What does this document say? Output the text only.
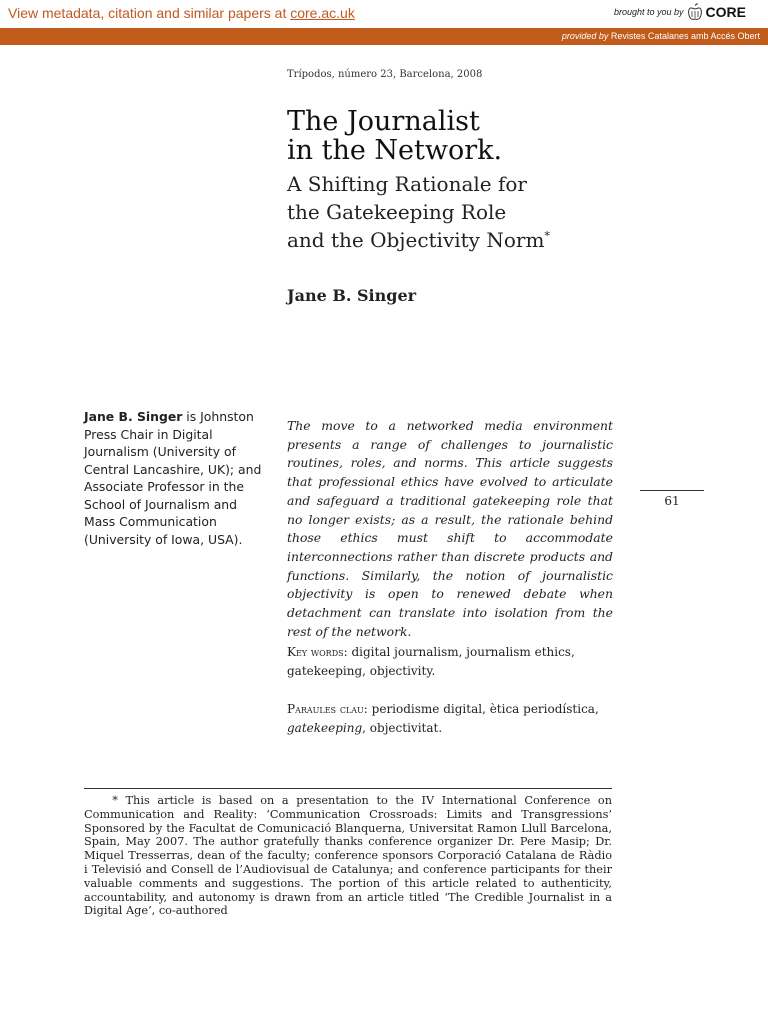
View metadata, citation and similar papers at core.ac.uk	brought to you by CORE
provided by Revistes Catalanes amb Accés Obert
Trípodos, número 23, Barcelona, 2008
The Journalist
in the Network.
A Shifting Rationale for
the Gatekeeping Role
and the Objectivity Norm*
Jane B. Singer
Jane B. Singer is Johnston Press Chair in Digital Journalism (University of Central Lancashire, UK); and Associate Professor in the School of Journalism and Mass Communication (University of Iowa, USA).
The move to a networked media environment presents a range of challenges to journalistic routines, roles, and norms. This article suggests that professional ethics have evolved to articulate and safeguard a traditional gatekeeping role that no longer exists; as a result, the rationale behind those ethics must shift to accommodate interconnections rather than discrete products and functions. Similarly, the notion of journalistic objectivity is open to renewed debate when detachment can translate into isolation from the rest of the network.
61
Key words: digital journalism, journalism ethics, gatekeeping, objectivity.
Paraules clau: periodisme digital, ètica periodística, gatekeeping, objectivitat.
   * This article is based on a presentation to the IV International Conference on Communication and Reality: ‘Communication Crossroads: Limits and Transgressions’ Sponsored by the Facultat de Comunicació Blanquerna, Universitat Ramon Llull Barcelona, Spain, May 2007. The author gratefully thanks conference organizer Dr. Pere Masip; Dr. Miquel Tresserras, dean of the faculty; conference sponsors Corporació Catalana de Ràdio i Televisió and Consell de l’Audiovisual de Catalunya; and conference participants for their valuable comments and suggestions. The portion of this article related to authenticity, accountability, and autonomy is drawn from an article titled ‘The Credible Journalist in a Digital Age’, co-authored
